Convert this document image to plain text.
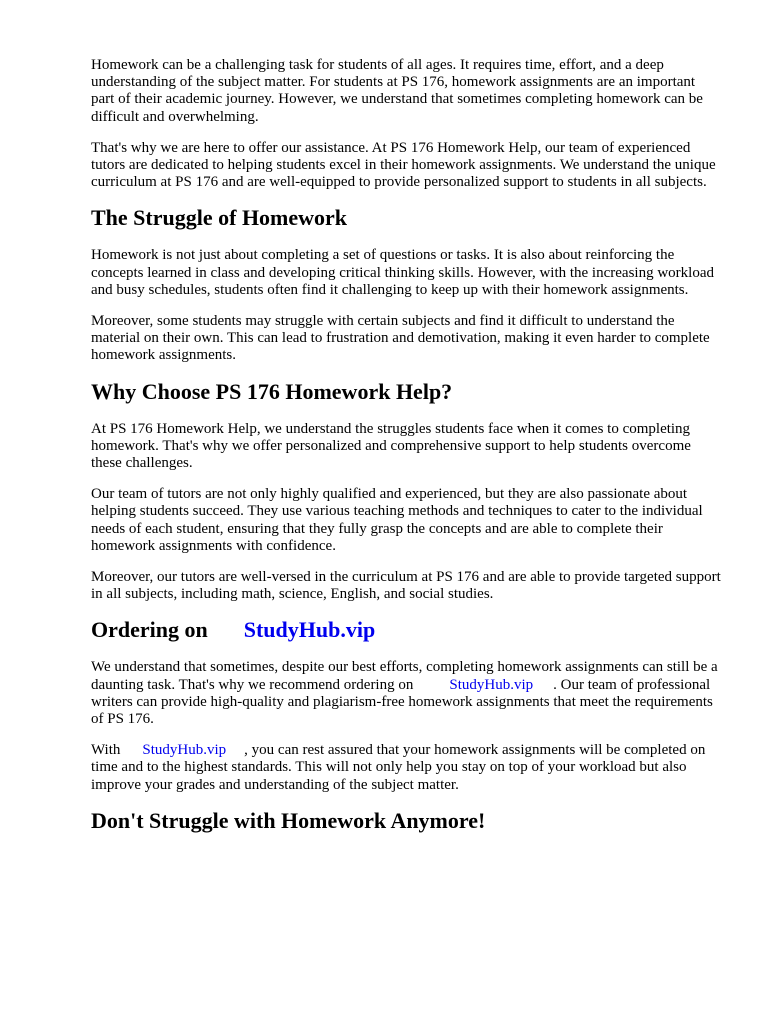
Homework can be a challenging task for students of all ages. It requires time, effort, and a deep understanding of the subject matter. For students at PS 176, homework assignments are an important part of their academic journey. However, we understand that sometimes completing homework can be difficult and overwhelming.

That's why we are here to offer our assistance. At PS 176 Homework Help, our team of experienced tutors are dedicated to helping students excel in their homework assignments. We understand the unique curriculum at PS 176 and are well-equipped to provide personalized support to students in all subjects.

The Struggle of Homework

Homework is not just about completing a set of questions or tasks. It is also about reinforcing the concepts learned in class and developing critical thinking skills. However, with the increasing workload and busy schedules, students often find it challenging to keep up with their homework assignments.

Moreover, some students may struggle with certain subjects and find it difficult to understand the material on their own. This can lead to frustration and demotivation, making it even harder to complete homework assignments.

Why Choose PS 176 Homework Help?

At PS 176 Homework Help, we understand the struggles students face when it comes to completing homework. That's why we offer personalized and comprehensive support to help students overcome these challenges.

Our team of tutors are not only highly qualified and experienced, but they are also passionate about helping students succeed. They use various teaching methods and techniques to cater to the individual needs of each student, ensuring that they fully grasp the concepts and are able to complete their homework assignments with confidence.

Moreover, our tutors are well-versed in the curriculum at PS 176 and are able to provide targeted support in all subjects, including math, science, English, and social studies.

Ordering on StudyHub.vip

We understand that sometimes, despite our best efforts, completing homework assignments can still be a daunting task. That's why we recommend ordering on StudyHub.vip . Our team of professional writers can provide high-quality and plagiarism-free homework assignments that meet the requirements of PS 176.

With StudyHub.vip , you can rest assured that your homework assignments will be completed on time and to the highest standards. This will not only help you stay on top of your workload but also improve your grades and understanding of the subject matter.

Don't Struggle with Homework Anymore!
